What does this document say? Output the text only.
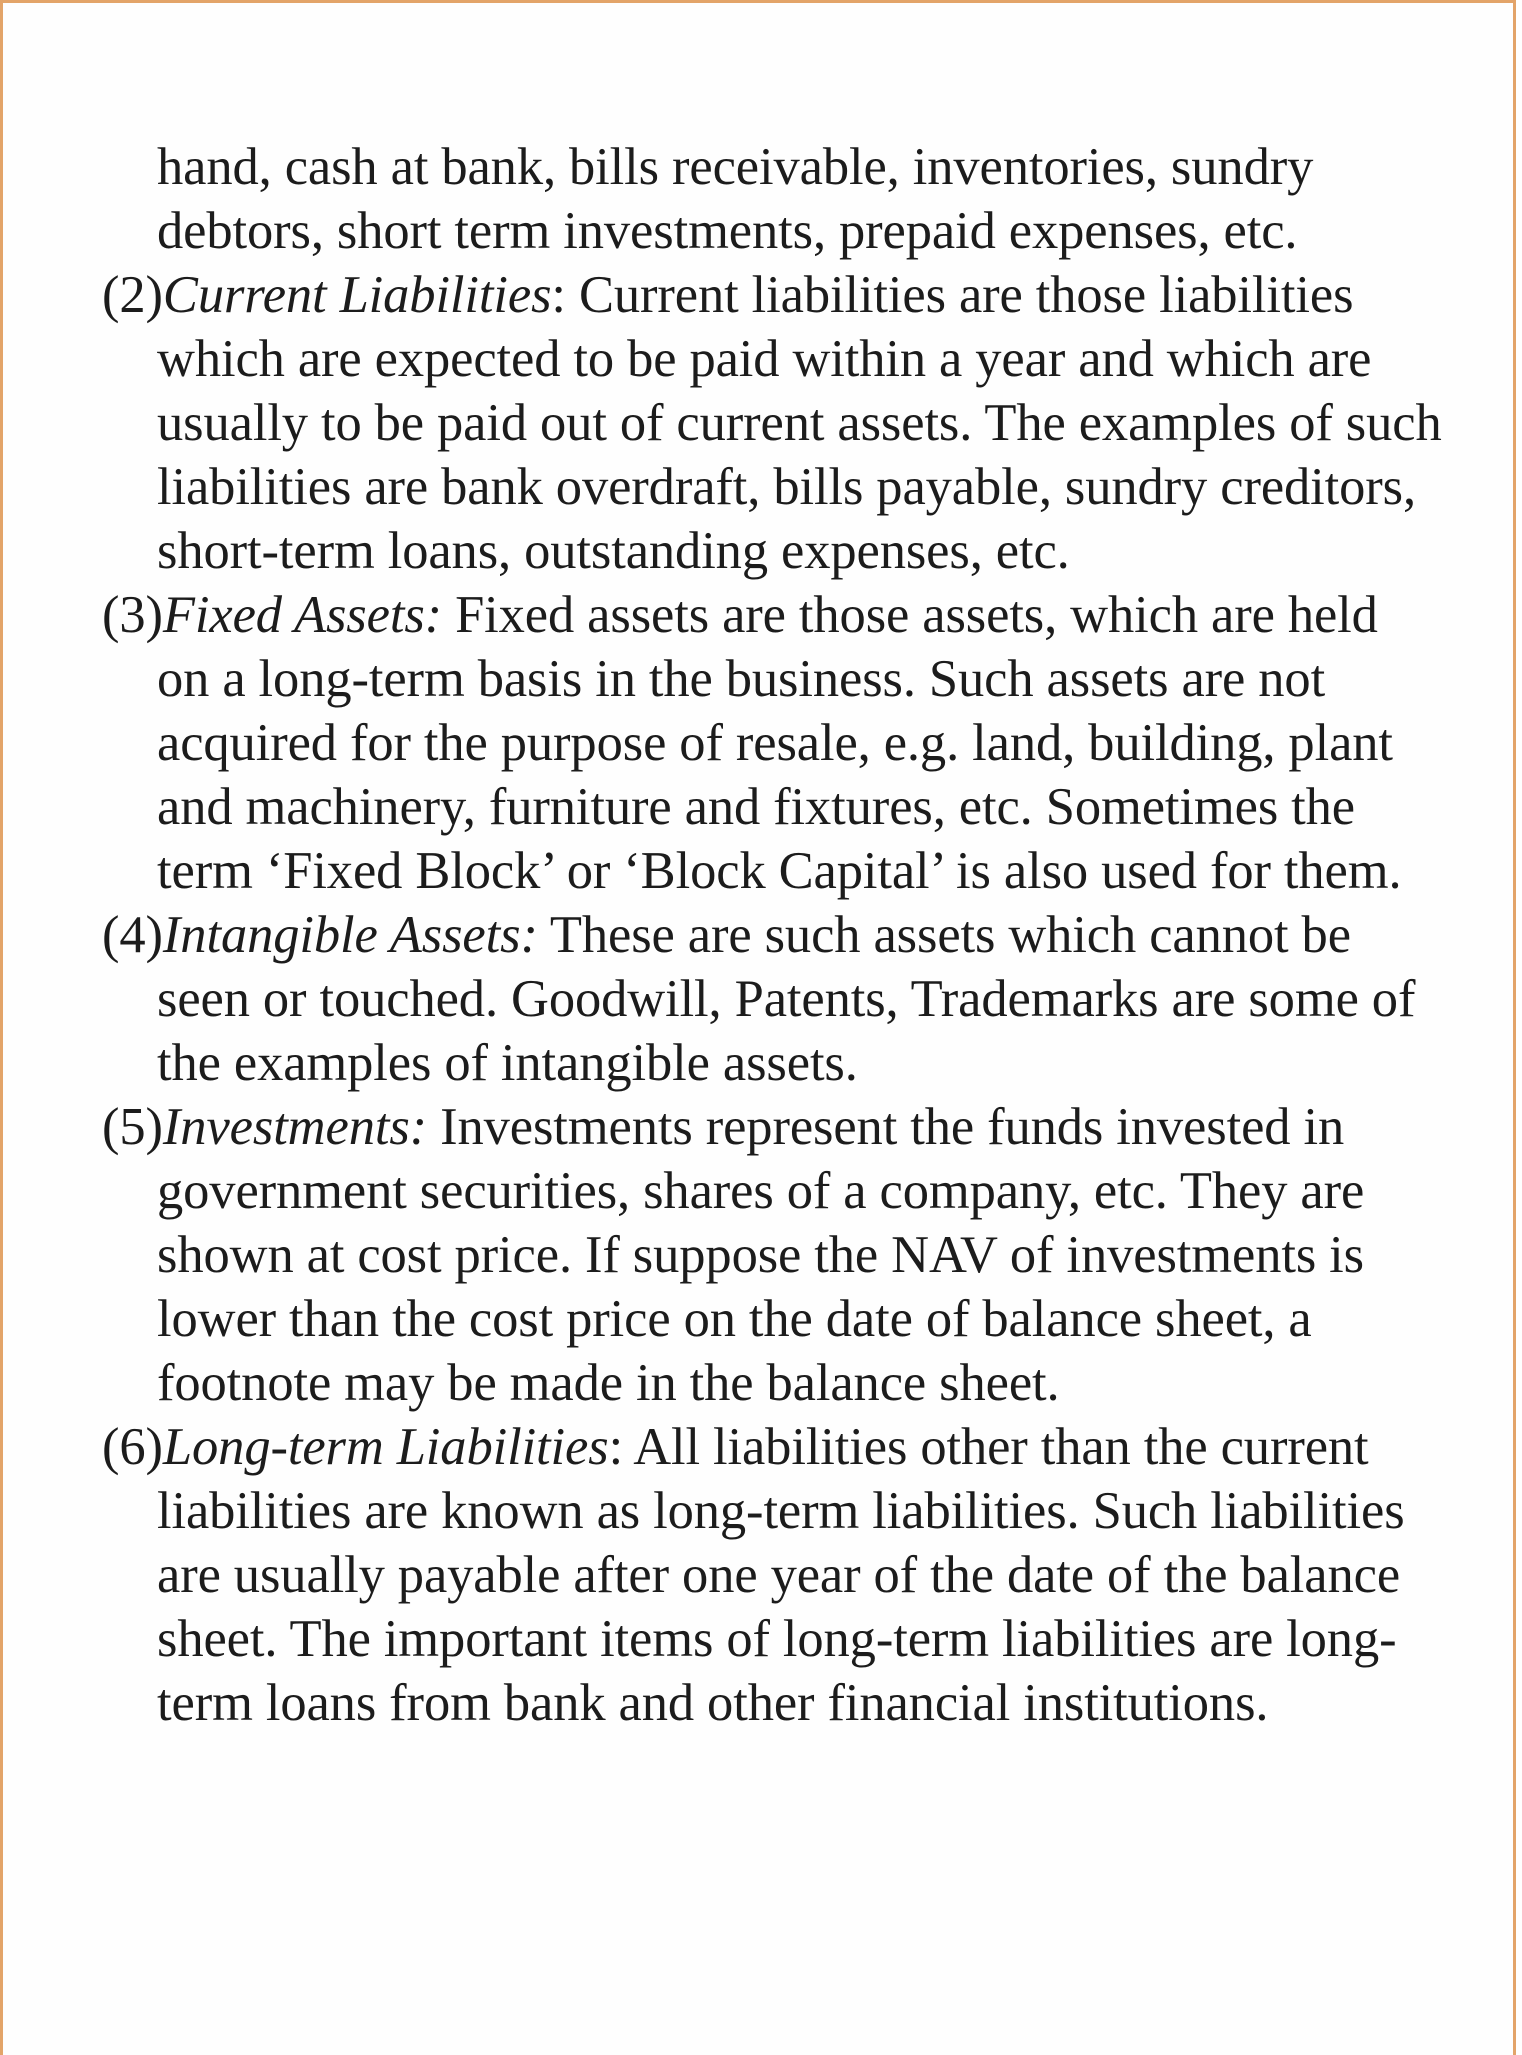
hand, cash at bank, bills receivable, inventories, sundry debtors, short term investments, prepaid expenses, etc.

(2)Current Liabilities: Current liabilities are those liabilities which are expected to be paid within a year and which are usually to be paid out of current assets. The examples of such liabilities are bank overdraft, bills payable, sundry creditors, short-term loans, outstanding expenses, etc.

(3)Fixed Assets: Fixed assets are those assets, which are held on a long-term basis in the business. Such assets are not acquired for the purpose of resale, e.g. land, building, plant and machinery, furniture and fixtures, etc. Sometimes the term ‘Fixed Block’ or ‘Block Capital’ is also used for them.

(4)Intangible Assets: These are such assets which cannot be seen or touched. Goodwill, Patents, Trademarks are some of the examples of intangible assets.

(5)Investments: Investments represent the funds invested in government securities, shares of a company, etc. They are shown at cost price. If suppose the NAV of investments is lower than the cost price on the date of balance sheet, a footnote may be made in the balance sheet.

(6)Long-term Liabilities: All liabilities other than the current liabilities are known as long-term liabilities. Such liabilities are usually payable after one year of the date of the balance sheet. The important items of long-term liabilities are long-term loans from bank and other financial institutions.
